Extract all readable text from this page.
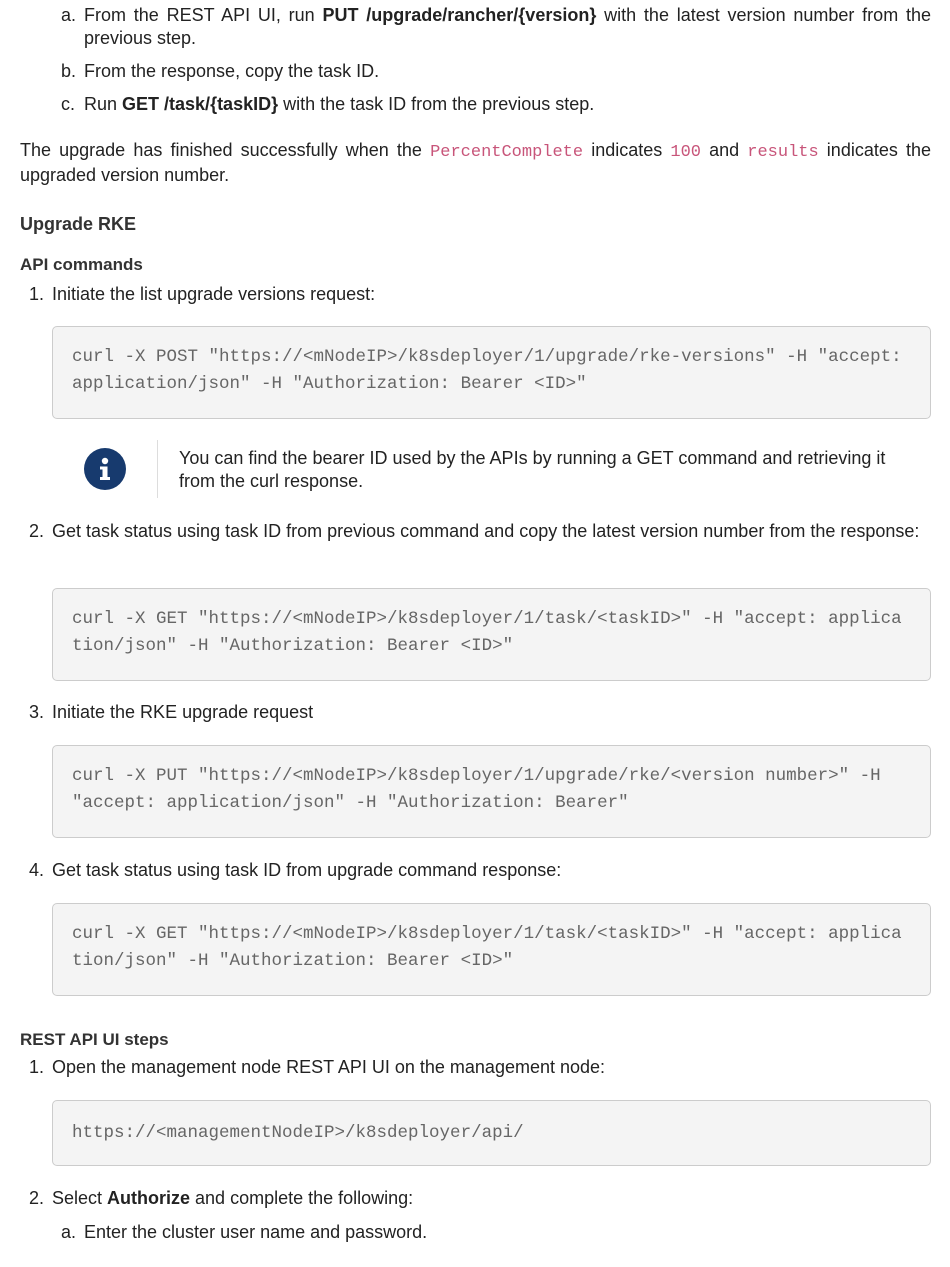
a. From the REST API UI, run PUT /upgrade/rancher/{version} with the latest version number from the previous step.
b. From the response, copy the task ID.
c. Run GET /task/{taskID} with the task ID from the previous step.
The upgrade has finished successfully when the PercentComplete indicates 100 and results indicates the upgraded version number.
Upgrade RKE
API commands
1. Initiate the list upgrade versions request:
curl -X POST "https://<mNodeIP>/k8sdeployer/1/upgrade/rke-versions" -H "accept: application/json" -H "Authorization: Bearer <ID>"
You can find the bearer ID used by the APIs by running a GET command and retrieving it from the curl response.
2. Get task status using task ID from previous command and copy the latest version number from the response:
curl -X GET "https://<mNodeIP>/k8sdeployer/1/task/<taskID>" -H "accept: application/json" -H "Authorization: Bearer <ID>"
3. Initiate the RKE upgrade request
curl -X PUT "https://<mNodeIP>/k8sdeployer/1/upgrade/rke/<version number>" -H "accept: application/json" -H "Authorization: Bearer"
4. Get task status using task ID from upgrade command response:
curl -X GET "https://<mNodeIP>/k8sdeployer/1/task/<taskID>" -H "accept: application/json" -H "Authorization: Bearer <ID>"
REST API UI steps
1. Open the management node REST API UI on the management node:
https://<managementNodeIP>/k8sdeployer/api/
2. Select Authorize and complete the following:
a. Enter the cluster user name and password.
